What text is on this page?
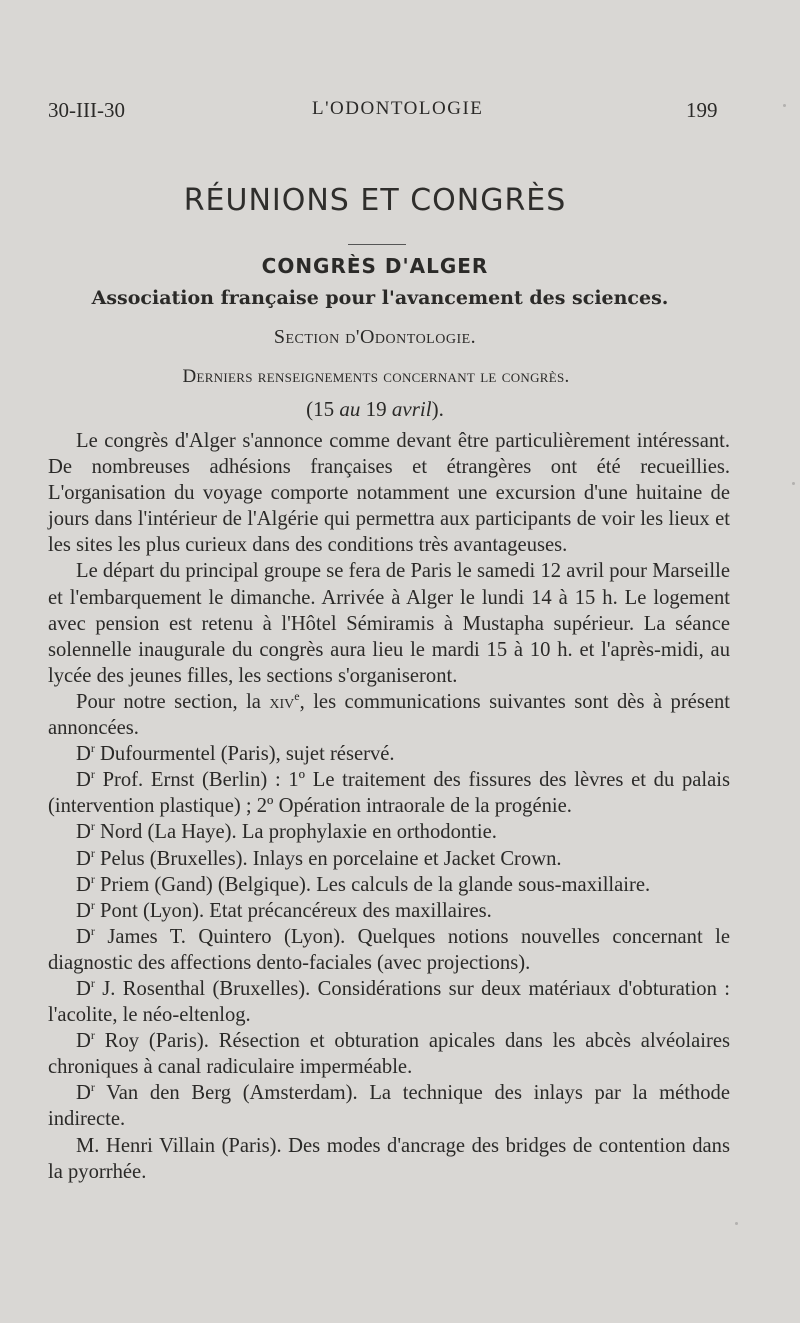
30-III-30	L'ODONTOLOGIE	199
RÉUNIONS ET CONGRÈS
CONGRÈS D'ALGER
Association française pour l'avancement des sciences.
Section d'Odontologie.
Derniers renseignements concernant le congrès.
(15 au 19 avril).

Le congrès d'Alger s'annonce comme devant être particulièrement intéressant. De nombreuses adhésions françaises et étrangères ont été recueillies. L'organisation du voyage comporte notamment une excursion d'une huitaine de jours dans l'intérieur de l'Algérie qui permettra aux participants de voir les lieux et les sites les plus curieux dans des conditions très avantageuses.

Le départ du principal groupe se fera de Paris le samedi 12 avril pour Marseille et l'embarquement le dimanche. Arrivée à Alger le lundi 14 à 15 h. Le logement avec pension est retenu à l'Hôtel Sémiramis à Mustapha supérieur. La séance solennelle inaugurale du congrès aura lieu le mardi 15 à 10 h. et l'après-midi, au lycée des jeunes filles, les sections s'organiseront.

Pour notre section, la xiv$^e$, les communications suivantes sont dès à présent annoncées.

$D^r$ Dufourmentel (Paris), sujet réservé.

$D^r$ Prof. Ernst (Berlin) : 1º Le traitement des fissures des lèvres et du palais (intervention plastique) ; 2º Opération intraorale de la progénie.

$D^r$ Nord (La Haye). La prophylaxie en orthodontie.

$D^r$ Pelus (Bruxelles). Inlays en porcelaine et Jacket Crown.

$D^r$ Priem (Gand) (Belgique). Les calculs de la glande sous-maxillaire.

$D^r$ Pont (Lyon). Etat précancéreux des maxillaires.

$D^r$ James T. Quintero (Lyon). Quelques notions nouvelles concernant le diagnostic des affections dento-faciales (avec projections).

$D^r$ J. Rosenthal (Bruxelles). Considérations sur deux matériaux d'obturation : l'acolite, le néo-eltenlog.

$D^r$ Roy (Paris). Résection et obturation apicales dans les abcès alvéolaires chroniques à canal radiculaire imperméable.

$D^r$ Van den Berg (Amsterdam). La technique des inlays par la méthode indirecte.

M. Henri Villain (Paris). Des modes d'ancrage des bridges de contention dans la pyorrhée.
